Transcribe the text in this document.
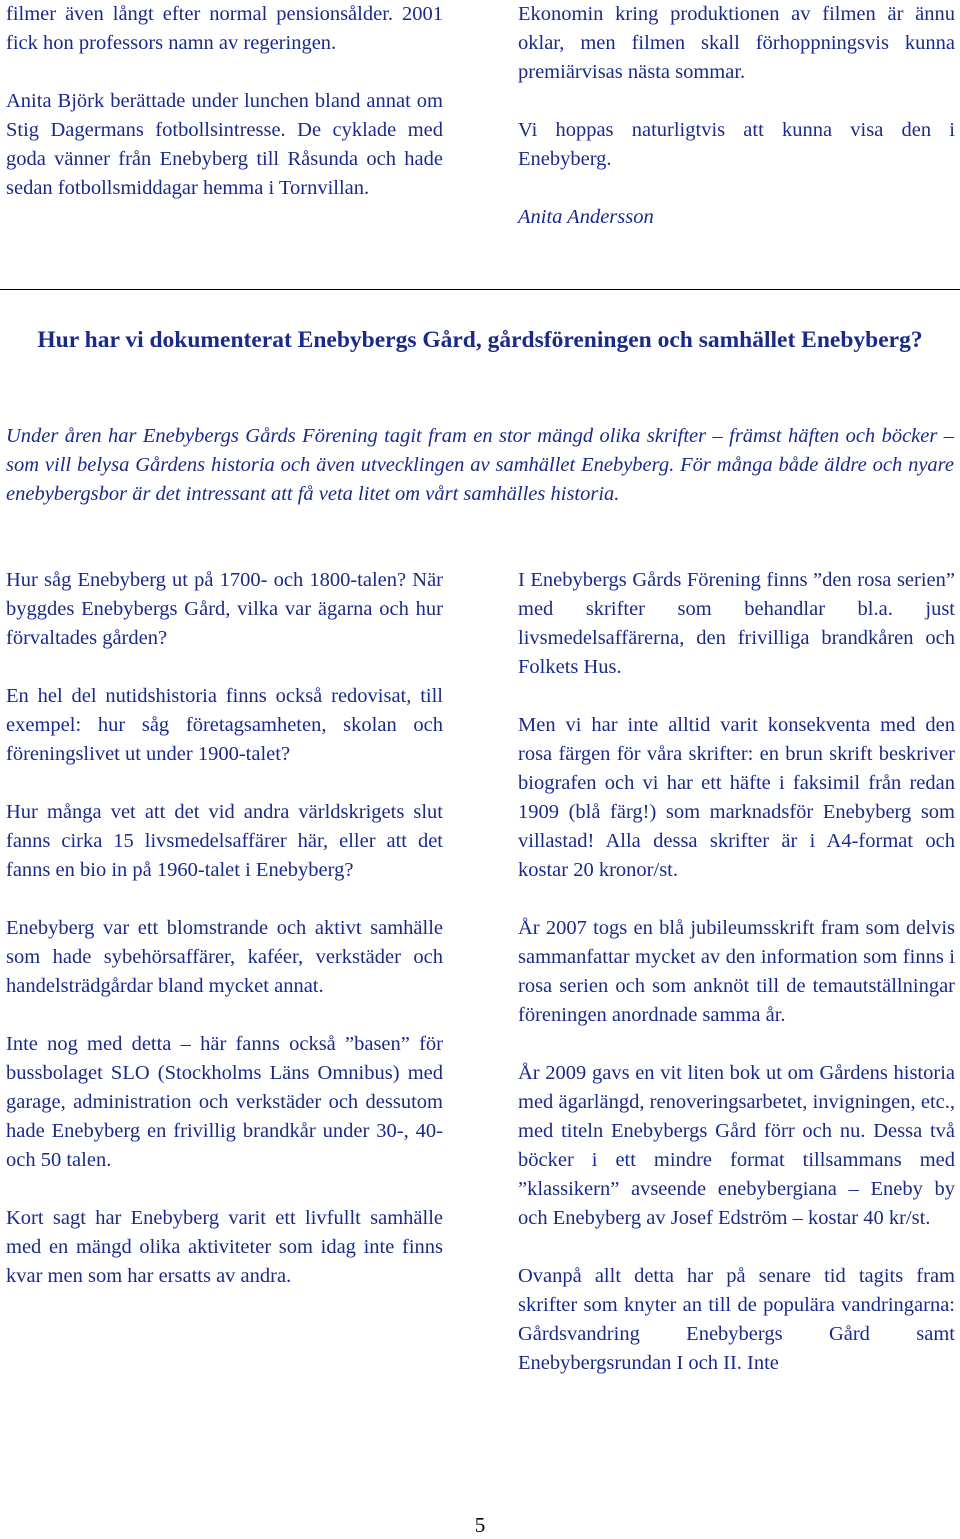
filmer även långt efter normal pensionsålder. 2001 fick hon professors namn av regeringen.

Anita Björk berättade under lunchen bland annat om Stig Dagermans fotbollsintresse. De cyklade med goda vänner från Enebyberg till Råsunda och hade sedan fotbollsmiddagar hemma i Tornvillan.

Ekonomin kring produktionen av filmen är ännu oklar, men filmen skall förhoppningsvis kunna premiärvisas nästa sommar.

Vi hoppas naturligtvis att kunna visa den i Enebyberg.

Anita Andersson

Hur har vi dokumenterat Enebybergs Gård, gårdsföreningen och samhället Enebyberg?

Under åren har Enebybergs Gårds Förening tagit fram en stor mängd olika skrifter – främst häften och böcker – som vill belysa Gårdens historia och även utvecklingen av samhället Enebyberg. För många både äldre och nyare enebybergsbor är det intressant att få veta litet om vårt samhälles historia.

Hur såg Enebyberg ut på 1700- och 1800-talen? När byggdes Enebybergs Gård, vilka var ägarna och hur förvaltades gården?

En hel del nutidshistoria finns också redovisat, till exempel: hur såg företagsamheten, skolan och föreningslivet ut under 1900-talet?

Hur många vet att det vid andra världskrigets slut fanns cirka 15 livsmedelsaffärer här, eller att det fanns en bio in på 1960-talet i Enebyberg?

Enebyberg var ett blomstrande och aktivt samhälle som hade sybehörsaffärer, kaféer, verkstäder och handelsträdgårdar bland mycket annat.

Inte nog med detta – här fanns också ”basen” för bussbolaget SLO (Stockholms Läns Omnibus) med garage, administration och verkstäder och dessutom hade Enebyberg en frivillig brandkår under 30-, 40- och 50 talen.

Kort sagt har Enebyberg varit ett livfullt samhälle med en mängd olika aktiviteter som idag inte finns kvar men som har ersatts av andra.

I Enebybergs Gårds Förening finns ”den rosa serien” med skrifter som behandlar bl.a. just livsmedelsaffärerna, den frivilliga brandkåren och Folkets Hus.

Men vi har inte alltid varit konsekventa med den rosa färgen för våra skrifter: en brun skrift beskriver biografen och vi har ett häfte i faksimil från redan 1909 (blå färg!) som marknadsför Enebyberg som villastad! Alla dessa skrifter är i A4-format och kostar 20 kronor/st.

År 2007 togs en blå jubileumsskrift fram som delvis sammanfattar mycket av den information som finns i rosa serien och som anknöt till de temautställningar föreningen anordnade samma år.

År 2009 gavs en vit liten bok ut om Gårdens historia med ägarlängd, renoveringsarbetet, invigningen, etc., med titeln Enebybergs Gård förr och nu. Dessa två böcker i ett mindre format tillsammans med ”klassikern” avseende enebybergiana – Eneby by och Enebyberg av Josef Edström – kostar 40 kr/st.

Ovanpå allt detta har på senare tid tagits fram skrifter som knyter an till de populära vandringarna: Gårdsvandring Enebybergs Gård samt Enebybergsrundan I och II. Inte

5
